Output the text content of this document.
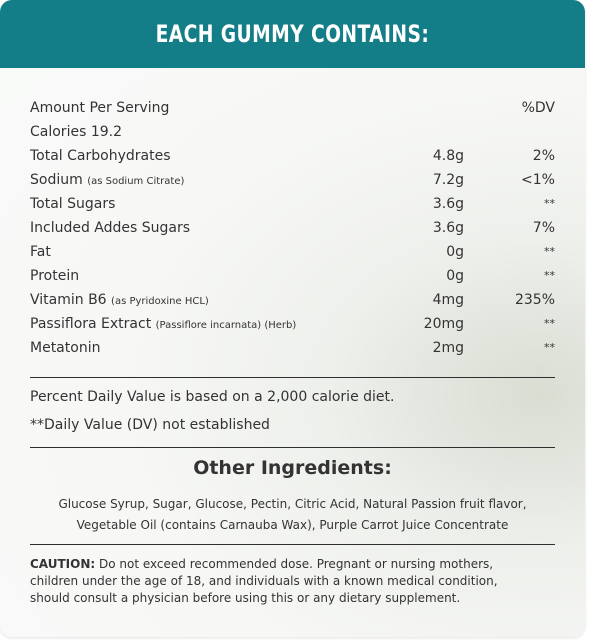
EACH GUMMY CONTAINS:
Amount Per Serving	%DV
Calories 19.2
Total Carbohydrates	4.8g	2%
Sodium (as Sodium Citrate)	7.2g	<1%
Total Sugars	3.6g	**
Included Addes Sugars	3.6g	7%
Fat	0g	**
Protein	0g	**
Vitamin B6 (as Pyridoxine HCL)	4mg	235%
Passiflora Extract (Passiflore incarnata) (Herb)	20mg	**
Metatonin	2mg	**
Percent Daily Value is based on a 2,000 calorie diet.
**Daily Value (DV) not established
Other Ingredients:
Glucose Syrup, Sugar, Glucose, Pectin, Citric Acid, Natural Passion fruit flavor,
Vegetable Oil (contains Carnauba Wax), Purple Carrot Juice Concentrate
CAUTION: Do not exceed recommended dose. Pregnant or nursing mothers,
children under the age of 18, and individuals with a known medical condition,
should consult a physician before using this or any dietary supplement.
